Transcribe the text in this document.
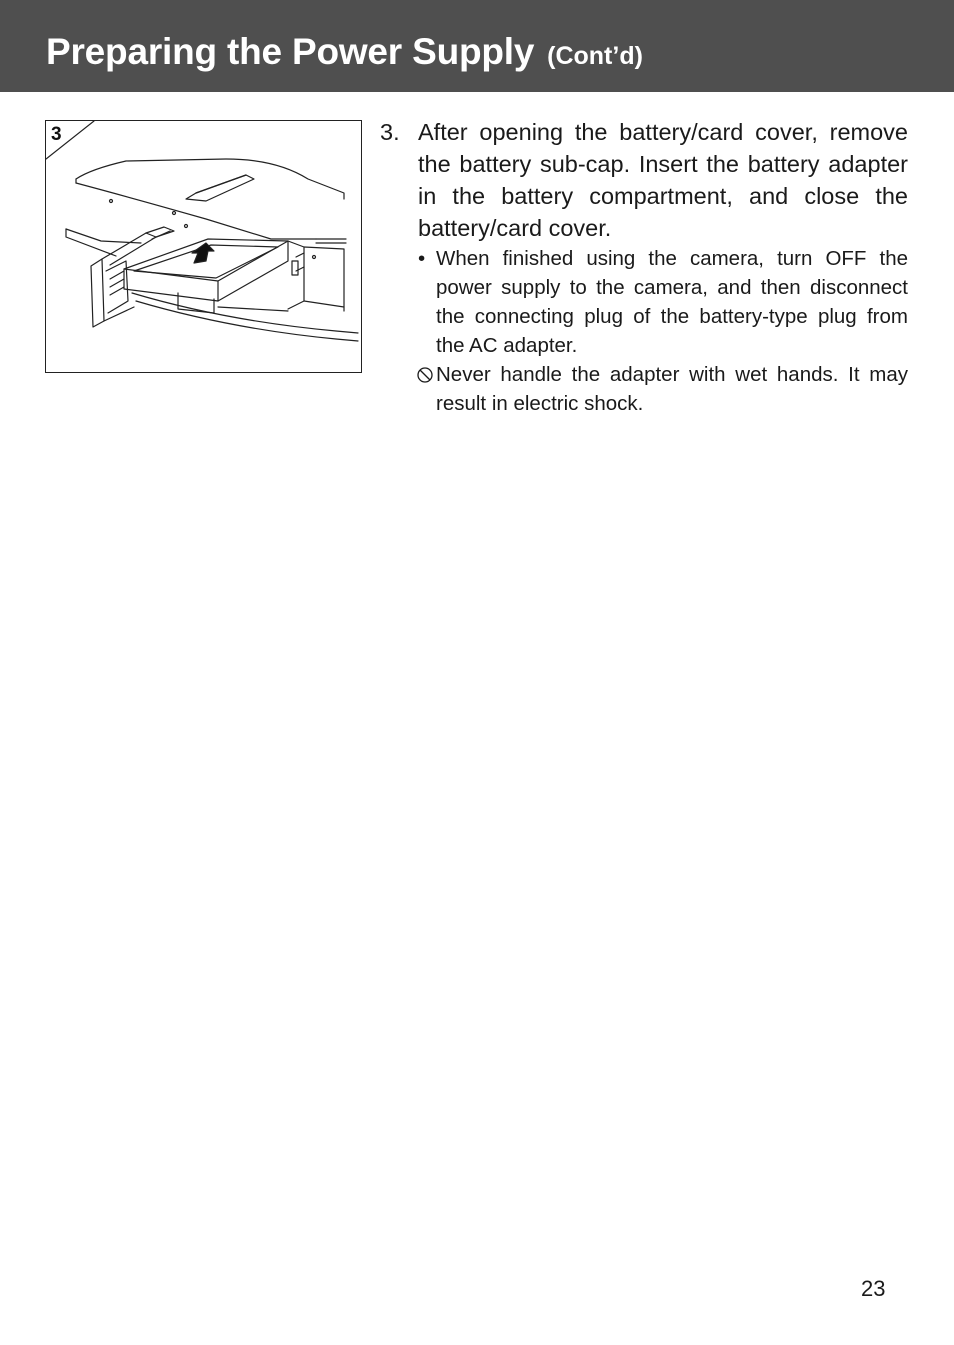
Preparing the Power Supply (Cont’d)
3	3. After opening the battery/card cover, remove the battery sub-cap. Insert the battery adapter in the battery compartment, and close the battery/card cover.
• When finished using the camera, turn OFF the power supply to the camera, and then disconnect the connecting plug of the battery-type plug from the AC adapter.
Never handle the adapter with wet hands. It may result in electric shock.
23
